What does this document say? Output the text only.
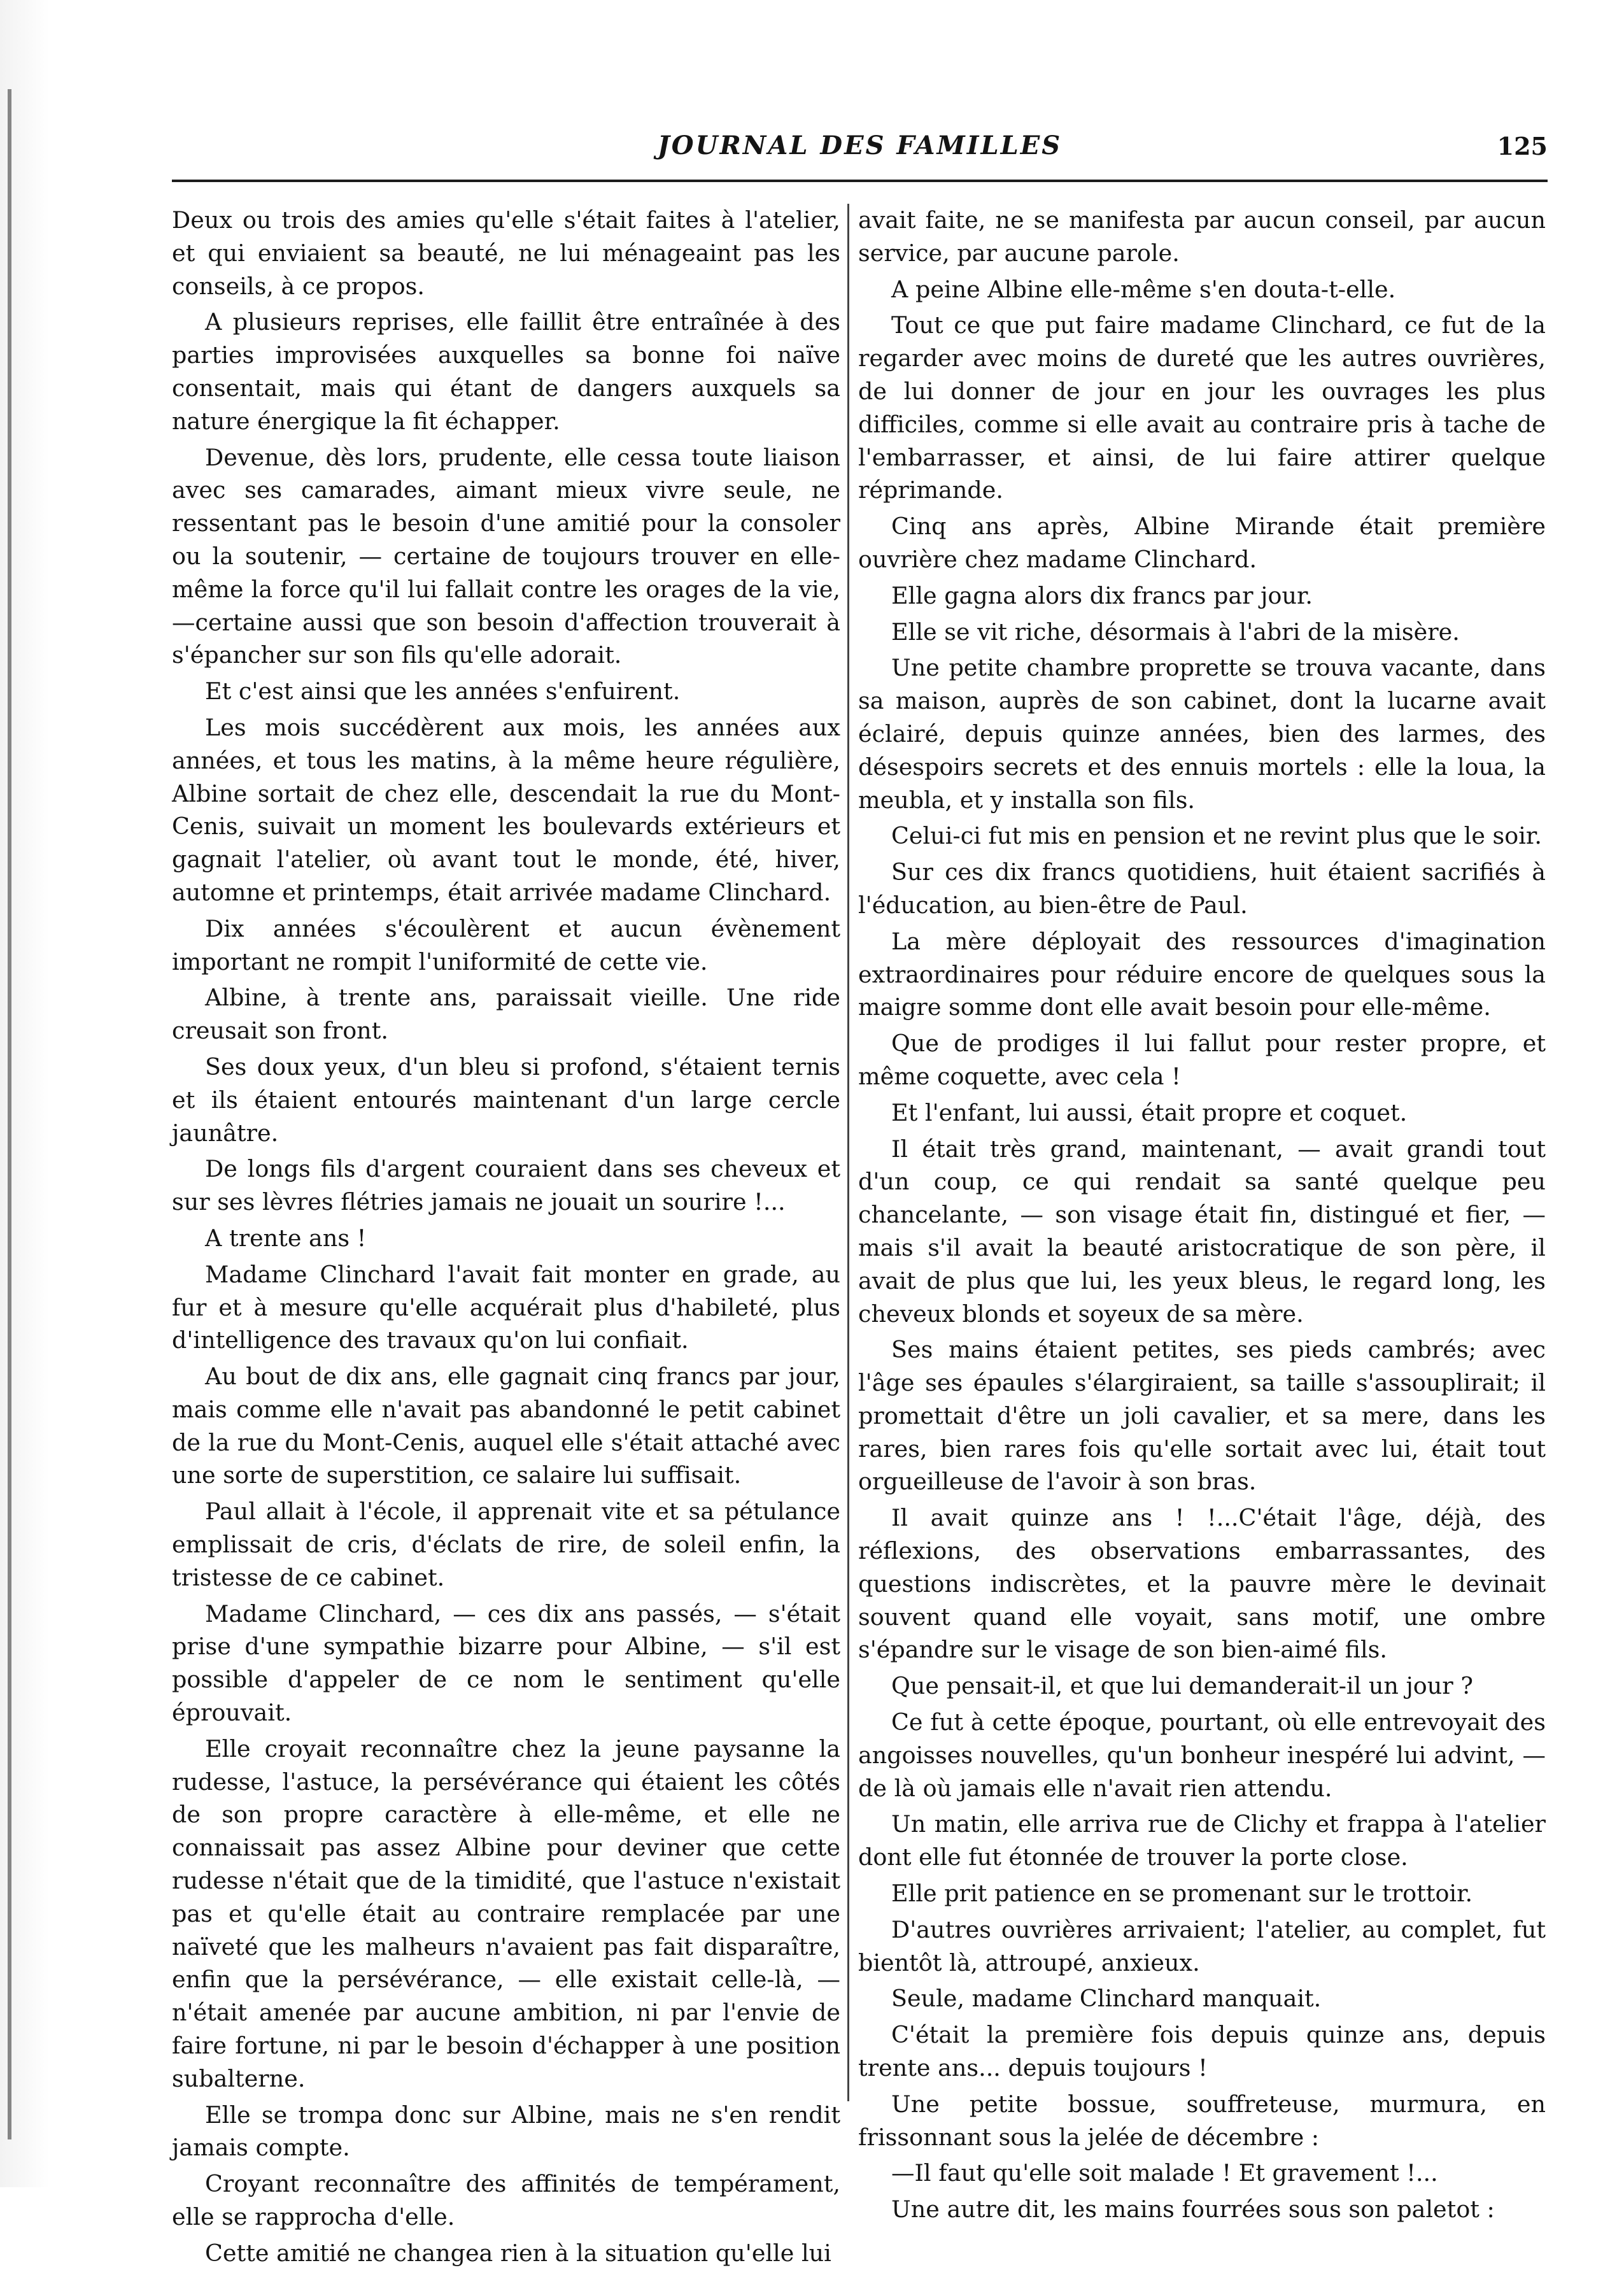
JOURNAL DES FAMILLES	125

Deux ou trois des amies qu'elle s'était faites à l'atelier, et qui enviaient sa beauté, ne lui ménageaint pas les conseils, à ce propos.

A plusieurs reprises, elle faillit être entraînée à des parties improvisées auxquelles sa bonne foi naïve consentait, mais qui étant de dangers auxquels sa nature énergique la fit échapper.

Devenue, dès lors, prudente, elle cessa toute liaison avec ses camarades, aimant mieux vivre seule, ne ressentant pas le besoin d'une amitié pour la consoler ou la soutenir, — certaine de toujours trouver en elle-même la force qu'il lui fallait contre les orages de la vie,—certaine aussi que son besoin d'affection trouverait à s'épancher sur son fils qu'elle adorait.

Et c'est ainsi que les années s'enfuirent.

Les mois succédèrent aux mois, les années aux années, et tous les matins, à la même heure régulière, Albine sortait de chez elle, descendait la rue du Mont-Cenis, suivait un moment les boulevards extérieurs et gagnait l'atelier, où avant tout le monde, été, hiver, automne et printemps, était arrivée madame Clinchard.

Dix années s'écoulèrent et aucun évènement important ne rompit l'uniformité de cette vie.

Albine, à trente ans, paraissait vieille. Une ride creusait son front.

Ses doux yeux, d'un bleu si profond, s'étaient ternis et ils étaient entourés maintenant d'un large cercle jaunâtre.

De longs fils d'argent couraient dans ses cheveux et sur ses lèvres flétries jamais ne jouait un sourire !...

A trente ans !

Madame Clinchard l'avait fait monter en grade, au fur et à mesure qu'elle acquérait plus d'habileté, plus d'intelligence des travaux qu'on lui confiait.

Au bout de dix ans, elle gagnait cinq francs par jour, mais comme elle n'avait pas abandonné le petit cabinet de la rue du Mont-Cenis, auquel elle s'était attaché avec une sorte de superstition, ce salaire lui suffisait.

Paul allait à l'école, il apprenait vite et sa pétulance emplissait de cris, d'éclats de rire, de soleil enfin, la tristesse de ce cabinet.

Madame Clinchard, — ces dix ans passés, — s'était prise d'une sympathie bizarre pour Albine, — s'il est possible d'appeler de ce nom le sentiment qu'elle éprouvait.

Elle croyait reconnaître chez la jeune paysanne la rudesse, l'astuce, la persévérance qui étaient les côtés de son propre caractère à elle-même, et elle ne connaissait pas assez Albine pour deviner que cette rudesse n'était que de la timidité, que l'astuce n'existait pas et qu'elle était au contraire remplacée par une naïveté que les malheurs n'avaient pas fait disparaître, enfin que la persévérance, — elle existait celle-là, — n'était amenée par aucune ambition, ni par l'envie de faire fortune, ni par le besoin d'échapper à une position subalterne.

Elle se trompa donc sur Albine, mais ne s'en rendit jamais compte.

Croyant reconnaître des affinités de tempérament, elle se rapprocha d'elle.

Cette amitié ne changea rien à la situation qu'elle lui

avait faite, ne se manifesta par aucun conseil, par aucun service, par aucune parole.

A peine Albine elle-même s'en douta-t-elle.

Tout ce que put faire madame Clinchard, ce fut de la regarder avec moins de dureté que les autres ouvrières, de lui donner de jour en jour les ouvrages les plus difficiles, comme si elle avait au contraire pris à tache de l'embarrasser, et ainsi, de lui faire attirer quelque réprimande.

Cinq ans après, Albine Mirande était première ouvrière chez madame Clinchard.

Elle gagna alors dix francs par jour.

Elle se vit riche, désormais à l'abri de la misère.

Une petite chambre proprette se trouva vacante, dans sa maison, auprès de son cabinet, dont la lucarne avait éclairé, depuis quinze années, bien des larmes, des désespoirs secrets et des ennuis mortels : elle la loua, la meubla, et y installa son fils.

Celui-ci fut mis en pension et ne revint plus que le soir.

Sur ces dix francs quotidiens, huit étaient sacrifiés à l'éducation, au bien-être de Paul.

La mère déployait des ressources d'imagination extraordinaires pour réduire encore de quelques sous la maigre somme dont elle avait besoin pour elle-même.

Que de prodiges il lui fallut pour rester propre, et même coquette, avec cela !

Et l'enfant, lui aussi, était propre et coquet.

Il était très grand, maintenant, — avait grandi tout d'un coup, ce qui rendait sa santé quelque peu chancelante, — son visage était fin, distingué et fier, — mais s'il avait la beauté aristocratique de son père, il avait de plus que lui, les yeux bleus, le regard long, les cheveux blonds et soyeux de sa mère.

Ses mains étaient petites, ses pieds cambrés; avec l'âge ses épaules s'élargiraient, sa taille s'assouplirait; il promettait d'être un joli cavalier, et sa mere, dans les rares, bien rares fois qu'elle sortait avec lui, était tout orgueilleuse de l'avoir à son bras.

Il avait quinze ans ! !...C'était l'âge, déjà, des réflexions, des observations embarrassantes, des questions indiscrètes, et la pauvre mère le devinait souvent quand elle voyait, sans motif, une ombre s'épandre sur le visage de son bien-aimé fils.

Que pensait-il, et que lui demanderait-il un jour ?

Ce fut à cette époque, pourtant, où elle entrevoyait des angoisses nouvelles, qu'un bonheur inespéré lui advint, — de là où jamais elle n'avait rien attendu.

Un matin, elle arriva rue de Clichy et frappa à l'atelier dont elle fut étonnée de trouver la porte close.

Elle prit patience en se promenant sur le trottoir.

D'autres ouvrières arrivaient; l'atelier, au complet, fut bientôt là, attroupé, anxieux.

Seule, madame Clinchard manquait.

C'était la première fois depuis quinze ans, depuis trente ans... depuis toujours !

Une petite bossue, souffreteuse, murmura, en frissonnant sous la jelée de décembre :

—Il faut qu'elle soit malade ! Et gravement !...

Une autre dit, les mains fourrées sous son paletot :
